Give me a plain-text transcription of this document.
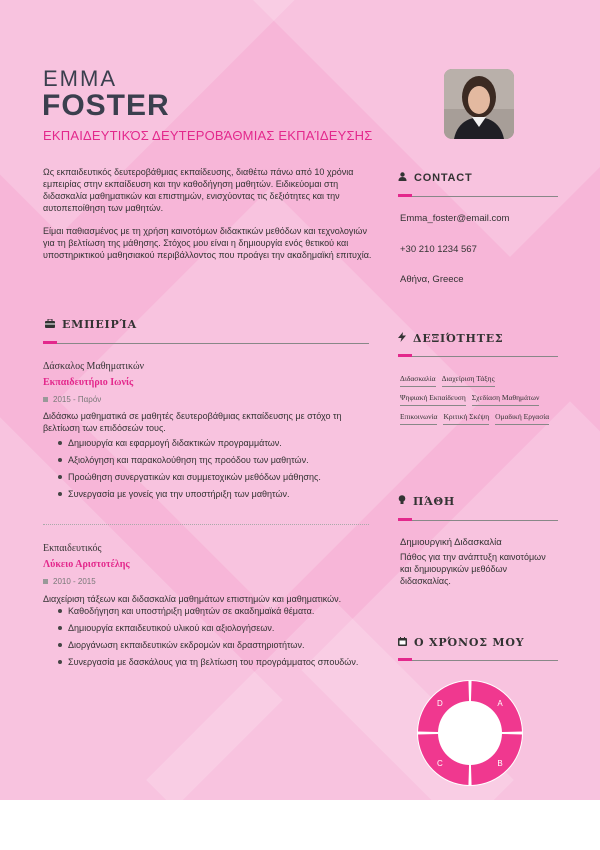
EMMA
FOSTER
ΕΚΠΑΙΔΕΥΤΙΚΌΣ ΔΕΥΤΕΡΟΒΆΘΜΙΑΣ ΕΚΠΑΊΔΕΥΣΗΣ

Ως εκπαιδευτικός δευτεροβάθμιας εκπαίδευσης, διαθέτω πάνω από 10 χρόνια εμπειρίας στην εκπαίδευση και την καθοδήγηση μαθητών. Ειδικεύομαι στη διδασκαλία μαθηματικών και επιστημών, ενισχύοντας τις δεξιότητες και την αυτοπεποίθηση των μαθητών.

Είμαι παθιασμένος με τη χρήση καινοτόμων διδακτικών μεθόδων και τεχνολογιών για τη βελτίωση της μάθησης. Στόχος μου είναι η δημιουργία ενός θετικού και υποστηρικτικού μαθησιακού περιβάλλοντος που προάγει την ακαδημαϊκή επιτυχία.

ΕΜΠΕΙΡΊΑ
Δάσκαλος Μαθηματικών
Εκπαιδευτήριο Ιωνίς
2015 - Παρόν
Διδάσκω μαθηματικά σε μαθητές δευτεροβάθμιας εκπαίδευσης με στόχο τη βελτίωση των επιδόσεών τους.
Δημιουργία και εφαρμογή διδακτικών προγραμμάτων.
Αξιολόγηση και παρακολούθηση της προόδου των μαθητών.
Προώθηση συνεργατικών και συμμετοχικών μεθόδων μάθησης.
Συνεργασία με γονείς για την υποστήριξη των μαθητών.
Εκπαιδευτικός
Λύκειο Αριστοτέλης
2010 - 2015
Διαχείριση τάξεων και διδασκαλία μαθημάτων επιστημών και μαθηματικών.
Καθοδήγηση και υποστήριξη μαθητών σε ακαδημαϊκά θέματα.
Δημιουργία εκπαιδευτικού υλικού και αξιολογήσεων.
Διοργάνωση εκπαιδευτικών εκδρομών και δραστηριοτήτων.
Συνεργασία με δασκάλους για τη βελτίωση του προγράμματος σπουδών.
CONTACT
Emma_foster@email.com
+30 210 1234 567
Αθήνα, Greece
ΔΕΞΙΌΤΗΤΕΣ
Διδασκαλία Διαχείριση Τάξης
Ψηφιακή Εκπαίδευση Σχεδίαση Μαθημάτων
Επικοινωνία Κριτική Σκέψη Ομαδική Εργασία
ΠΆΘΗ
Δημιουργική Διδασκαλία
Πάθος για την ανάπτυξη καινοτόμων και δημιουργικών μεθόδων διδασκαλίας.
Ο ΧΡΌΝΟΣ ΜΟΥ
A
B
C
D
